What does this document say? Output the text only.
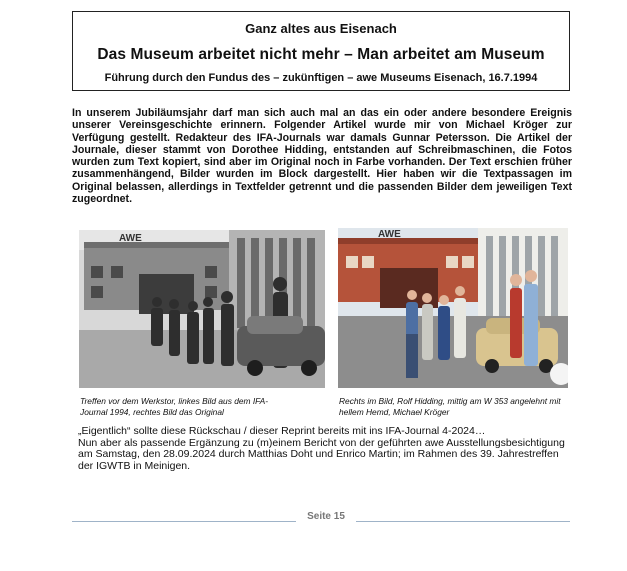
Ganz altes aus Eisenach
Das Museum arbeitet nicht mehr – Man arbeitet am Museum
Führung durch den Fundus des – zukünftigen – awe Museums Eisenach, 16.7.1994

In unserem Jubiläumsjahr darf man sich auch mal an das ein oder andere besondere Ereignis unserer Vereinsgeschichte erinnern. Folgender Artikel wurde mir von Michael Kröger zur Verfügung gestellt. Redakteur des IFA-Journals war damals Gunnar Petersson. Die Artikel der Journale, dieser stammt von Dorothee Hidding, entstanden auf Schreibmaschinen, die Fotos wurden zum Text kopiert, sind aber im Original noch in Farbe vorhanden. Der Text erschien früher zusammenhängend, Bilder wurden im Block dargestellt. Hier haben wir die Textpassagen im Original belassen, allerdings in Textfelder getrennt und die passenden Bilder dem jeweiligen Text zugeordnet.

AWE	AWE

Treffen vor dem Werkstor, linkes Bild aus dem IFA-Journal 1994, rechtes Bild das Original

Rechts im Bild, Rolf Hidding, mittig am W 353 angelehnt mit hellem Hemd, Michael Kröger

„Eigentlich“ sollte diese Rückschau / dieser Reprint bereits mit ins IFA-Journal 4-2024…
Nun aber als passende Ergänzung zu (m)einem Bericht von der geführten awe Ausstellungsbesichtigung am Samstag, den 28.09.2024 durch Matthias Doht und Enrico Martin; im Rahmen des 39. Jahrestreffen der IGWTB in Meinigen.
Seite 15
